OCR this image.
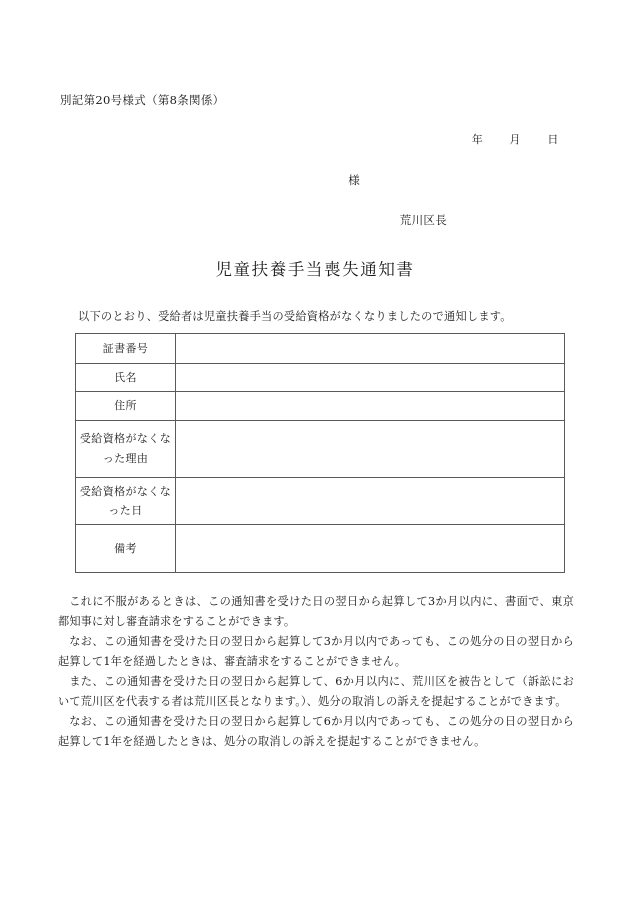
別記第20号様式（第8条関係）
年 月 日
様
荒川区長
児童扶養手当喪失通知書
以下のとおり、受給者は児童扶養手当の受給資格がなくなりましたので通知します。
証書番号	
氏名	
住所	
受給資格がなくなった理由	
受給資格がなくなった日	
備考	

これに不服があるときは、この通知書を受けた日の翌日から起算して3か月以内に、書面で、東京都知事に対し審査請求をすることができます。

なお、この通知書を受けた日の翌日から起算して3か月以内であっても、この処分の日の翌日から起算して1年を経過したときは、審査請求をすることができません。

また、この通知書を受けた日の翌日から起算して、6か月以内に、荒川区を被告として（訴訟において荒川区を代表する者は荒川区長となります。）、処分の取消しの訴えを提起することができます。

なお、この通知書を受けた日の翌日から起算して6か月以内であっても、この処分の日の翌日から起算して1年を経過したときは、処分の取消しの訴えを提起することができません。
